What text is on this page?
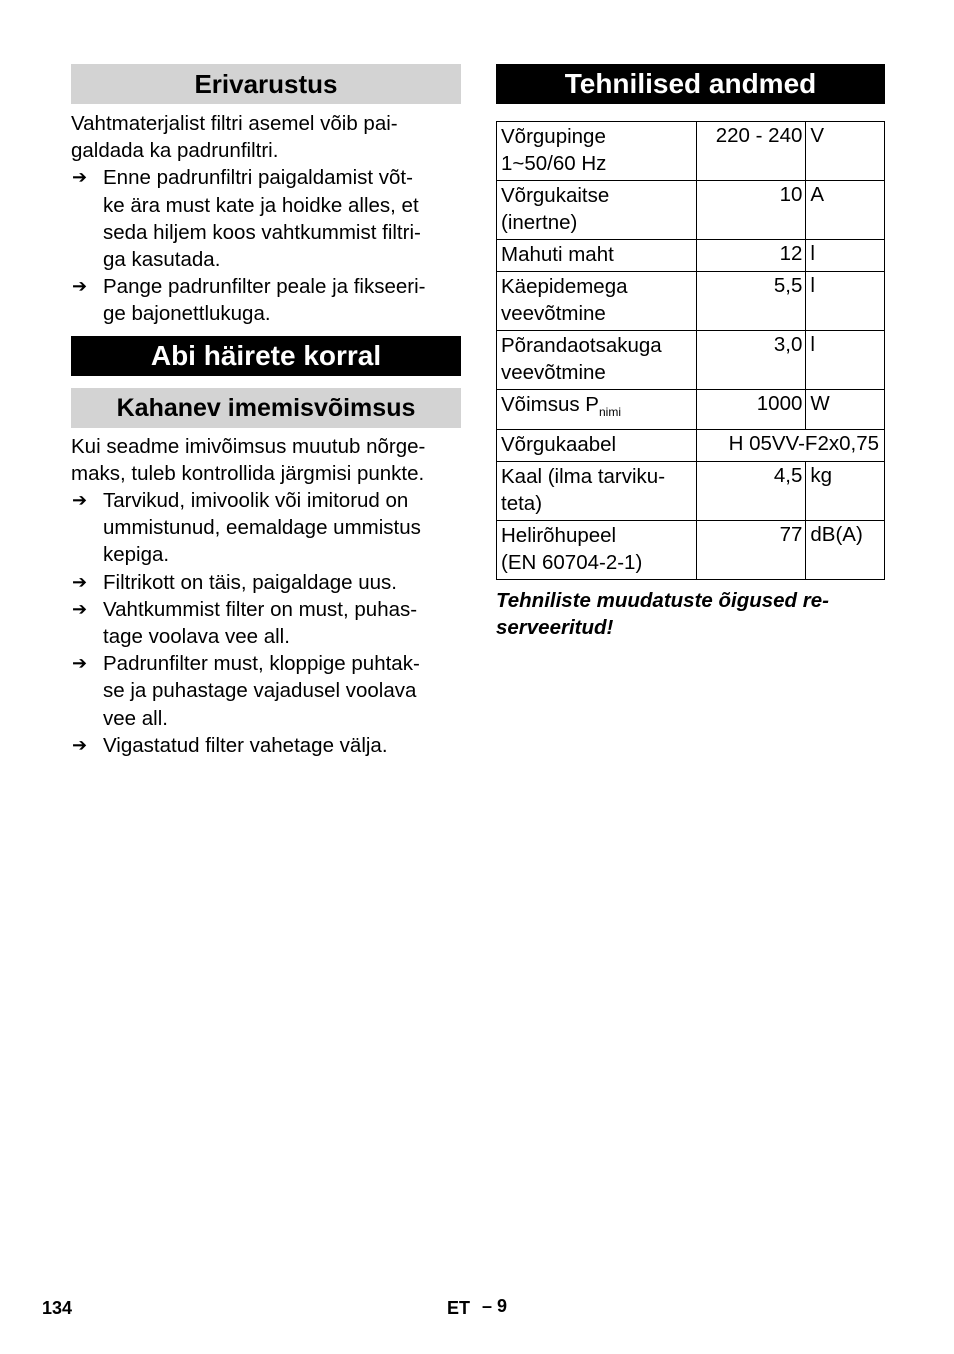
Erivarustus

Vahtmaterjalist filtri asemel võib pai-
galdada ka padrunfiltri.

➔ Enne padrunfiltri paigaldamist võt-
ke ära must kate ja hoidke alles, et
seda hiljem koos vahtkummist filtri-
ga kasutada.
➔ Pange padrunfilter peale ja fikseeri-
ge bajonettlukuga.
Abi häirete korral
Kahanev imemisvõimsus

Kui seadme imivõimsus muutub nõrge-
maks, tuleb kontrollida järgmisi punkte.

➔ Tarvikud, imivoolik või imitorud on
ummistunud, eemaldage ummistus
kepiga.
➔ Filtrikott on täis, paigaldage uus.
➔ Vahtkummist filter on must, puhas-
tage voolava vee all.
➔ Padrunfilter must, kloppige puhtak-
se ja puhastage vajadusel voolava
vee all.
➔ Vigastatud filter vahetage välja.
Tehnilised andmed
Võrgupinge
1~50/60 Hz	220 - 240	V
Võrgukaitse
(inertne)	10	A
Mahuti maht	12	l
Käepidemega
veevõtmine	5,5	l
Põrandaotsakuga
veevõtmine	3,0	l
Võimsus $P_{nimi}$	1000	W
Võrgukaabel	H 05VV-F2x0,75	
Kaal (ilma tarviku-
teta)	4,5	kg
Helirõhupeel
(EN 60704-2-1)	77	dB(A)

Tehniliste muudatuste õigused re-
serveeritud!

134	ET – 9
